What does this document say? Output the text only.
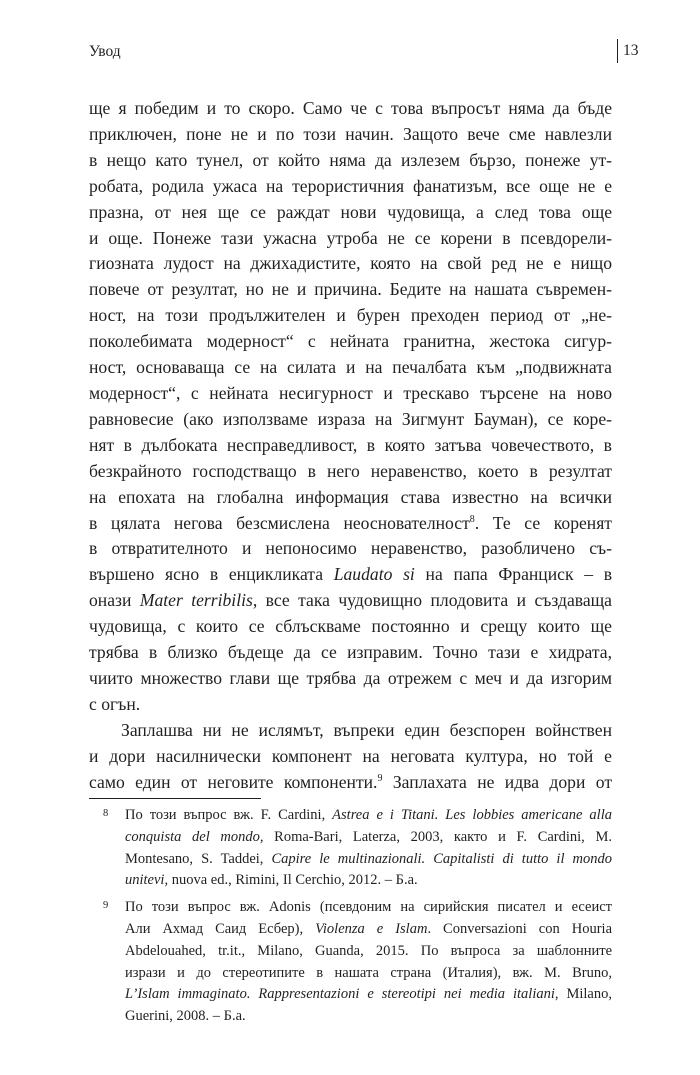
Увод	13
ще я победим и то скоро. Само че с това въпросът няма да бъде
приключен, поне не и по този начин. Защото вече сме навлезли
в нещо като тунел, от който няма да излезем бързо, понеже ут-
робата, родила ужаса на терористичния фанатизъм, все още не е
празна, от нея ще се раждат нови чудовища, а след това още
и още. Понеже тази ужасна утроба не се корени в псевдорели-
гиозната лудост на джихадистите, която на свой ред не е нищо
повече от резултат, но не и причина. Бедите на нашата съвремен-
ност, на този продължителен и бурен преходен период от „не-
поколебимата модерност“ с нейната гранитна, жестока сигур-
ност, основаваща се на силата и на печалбата към „подвижната
модерност“, с нейната несигурност и трескаво търсене на ново
равновесие (ако използваме израза на Зигмунт Бауман), се коре-
нят в дълбоката несправедливост, в която затъва човечеството, в
безкрайното господстващо в него неравенство, което в резултат
на епохата на глобална информация става известно на всички
в цялата негова безсмислена неоснователност$^8$. Те се коренят
в отвратителното и непоносимо неравенство, разобличено съ-
вършено ясно в енцикликата Laudato si на папа Франциск – в
онази Mater terribilis, все така чудовищно плодовита и създаваща
чудовища, с които се сблъскваме постоянно и срещу които ще
трябва в близко бъдеще да се изправим. Точно тази е хидрата,
чиито множество глави ще трябва да отрежем с меч и да изгорим
с огън.
Заплашва ни не ислямът, въпреки един безспорен войнствен
и дори насилнически компонент на неговата култура, но той е
само един от неговите компоненти.$^9$ Заплахата не идва дори от
8 По този въпрос вж. F. Cardini, Astrea e i Titani. Les lobbies americane alla
conquista del mondo, Roma-Bari, Laterza, 2003, както и F. Cardini, M.
Montesano, S. Taddei, Capire le multinazionali. Capitalisti di tutto il mondo
unitevi, nuova ed., Rimini, Il Cerchio, 2012. – Б.а.
9 По този въпрос вж. Adonis (псевдоним на сирийския писател и есеист
Али Ахмад Саид Есбер), Violenza e Islam. Conversazioni con Houria
Abdelouahed, tr.it., Milano, Guanda, 2015. По въпроса за шаблонните
изрази и до стереотипите в нашата страна (Италия), вж. M. Bruno,
L’Islam immaginato. Rappresentazioni e stereotipi nei media italiani, Milano,
Guerini, 2008. – Б.а.
